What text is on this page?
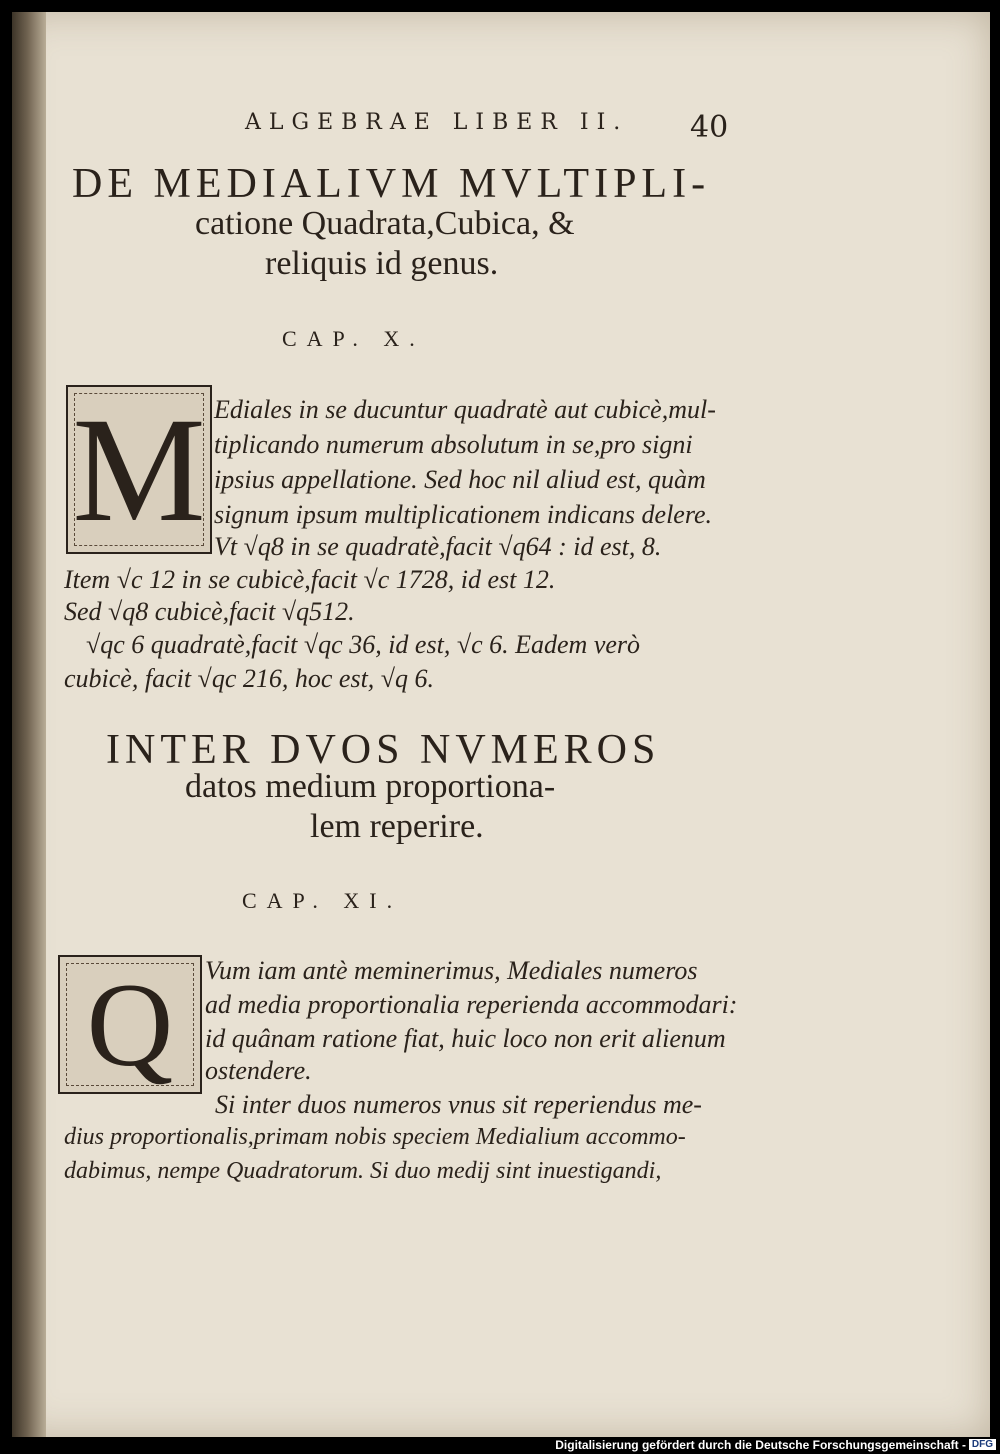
ALGEBRAE LIBER II. 40
DE MEDIALIVM MVLTIPLI-
catione Quadrata,Cubica, &
reliquis id genus.
CAP. X.
M Ediales in se ducuntur quadratè aut cubicè,mul-
tiplicando numerum absolutum in se,pro signi
ipsius appellatione. Sed hoc nil aliud est, quàm
signum ipsum multiplicationem indicans delere.
Vt √q8 in se quadratè,facit √q64 : id est, 8.
Item √c 12 in se cubicè,facit √c 1728, id est 12.
Sed √q8 cubicè,facit √q512.
√qc 6 quadratè,facit √qc 36, id est, √c 6. Eadem verò
cubicè, facit √qc 216, hoc est, √q 6.
INTER DVOS NVMEROS
datos medium proportiona-
lem reperire.
CAP. XI.
Q Vum iam antè meminerimus, Mediales numeros
ad media proportionalia reperienda accommodari:
id quânam ratione fiat, huic loco non erit alienum
ostendere.
Si inter duos numeros vnus sit reperiendus me-
dius proportionalis,primam nobis speciem Medialium accommo-
dabimus, nempe Quadratorum. Si duo medij sint inuestigandi,
Digitalisierung gefördert durch die Deutsche Forschungsgemeinschaft - DFG
